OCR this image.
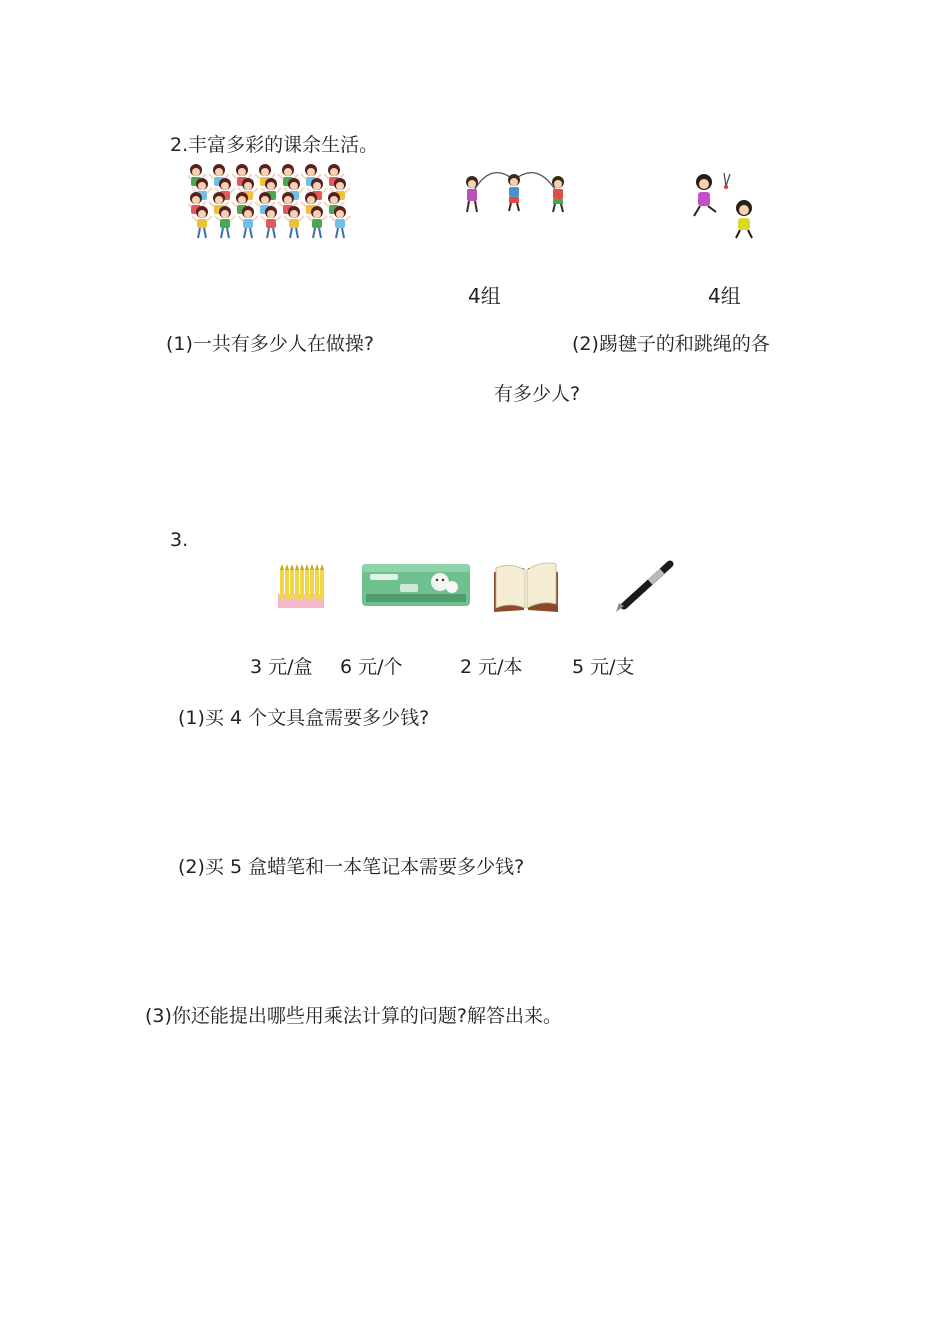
2.丰富多彩的课余生活。
4组	4组
(1)一共有多少人在做操?	(2)踢毽子的和跳绳的各
有多少人?
3.
3 元/盒 6 元/个	2 元/本	5 元/支
(1)买 4 个文具盒需要多少钱?
(2)买 5 盒蜡笔和一本笔记本需要多少钱?
(3)你还能提出哪些用乘法计算的问题?解答出来。
